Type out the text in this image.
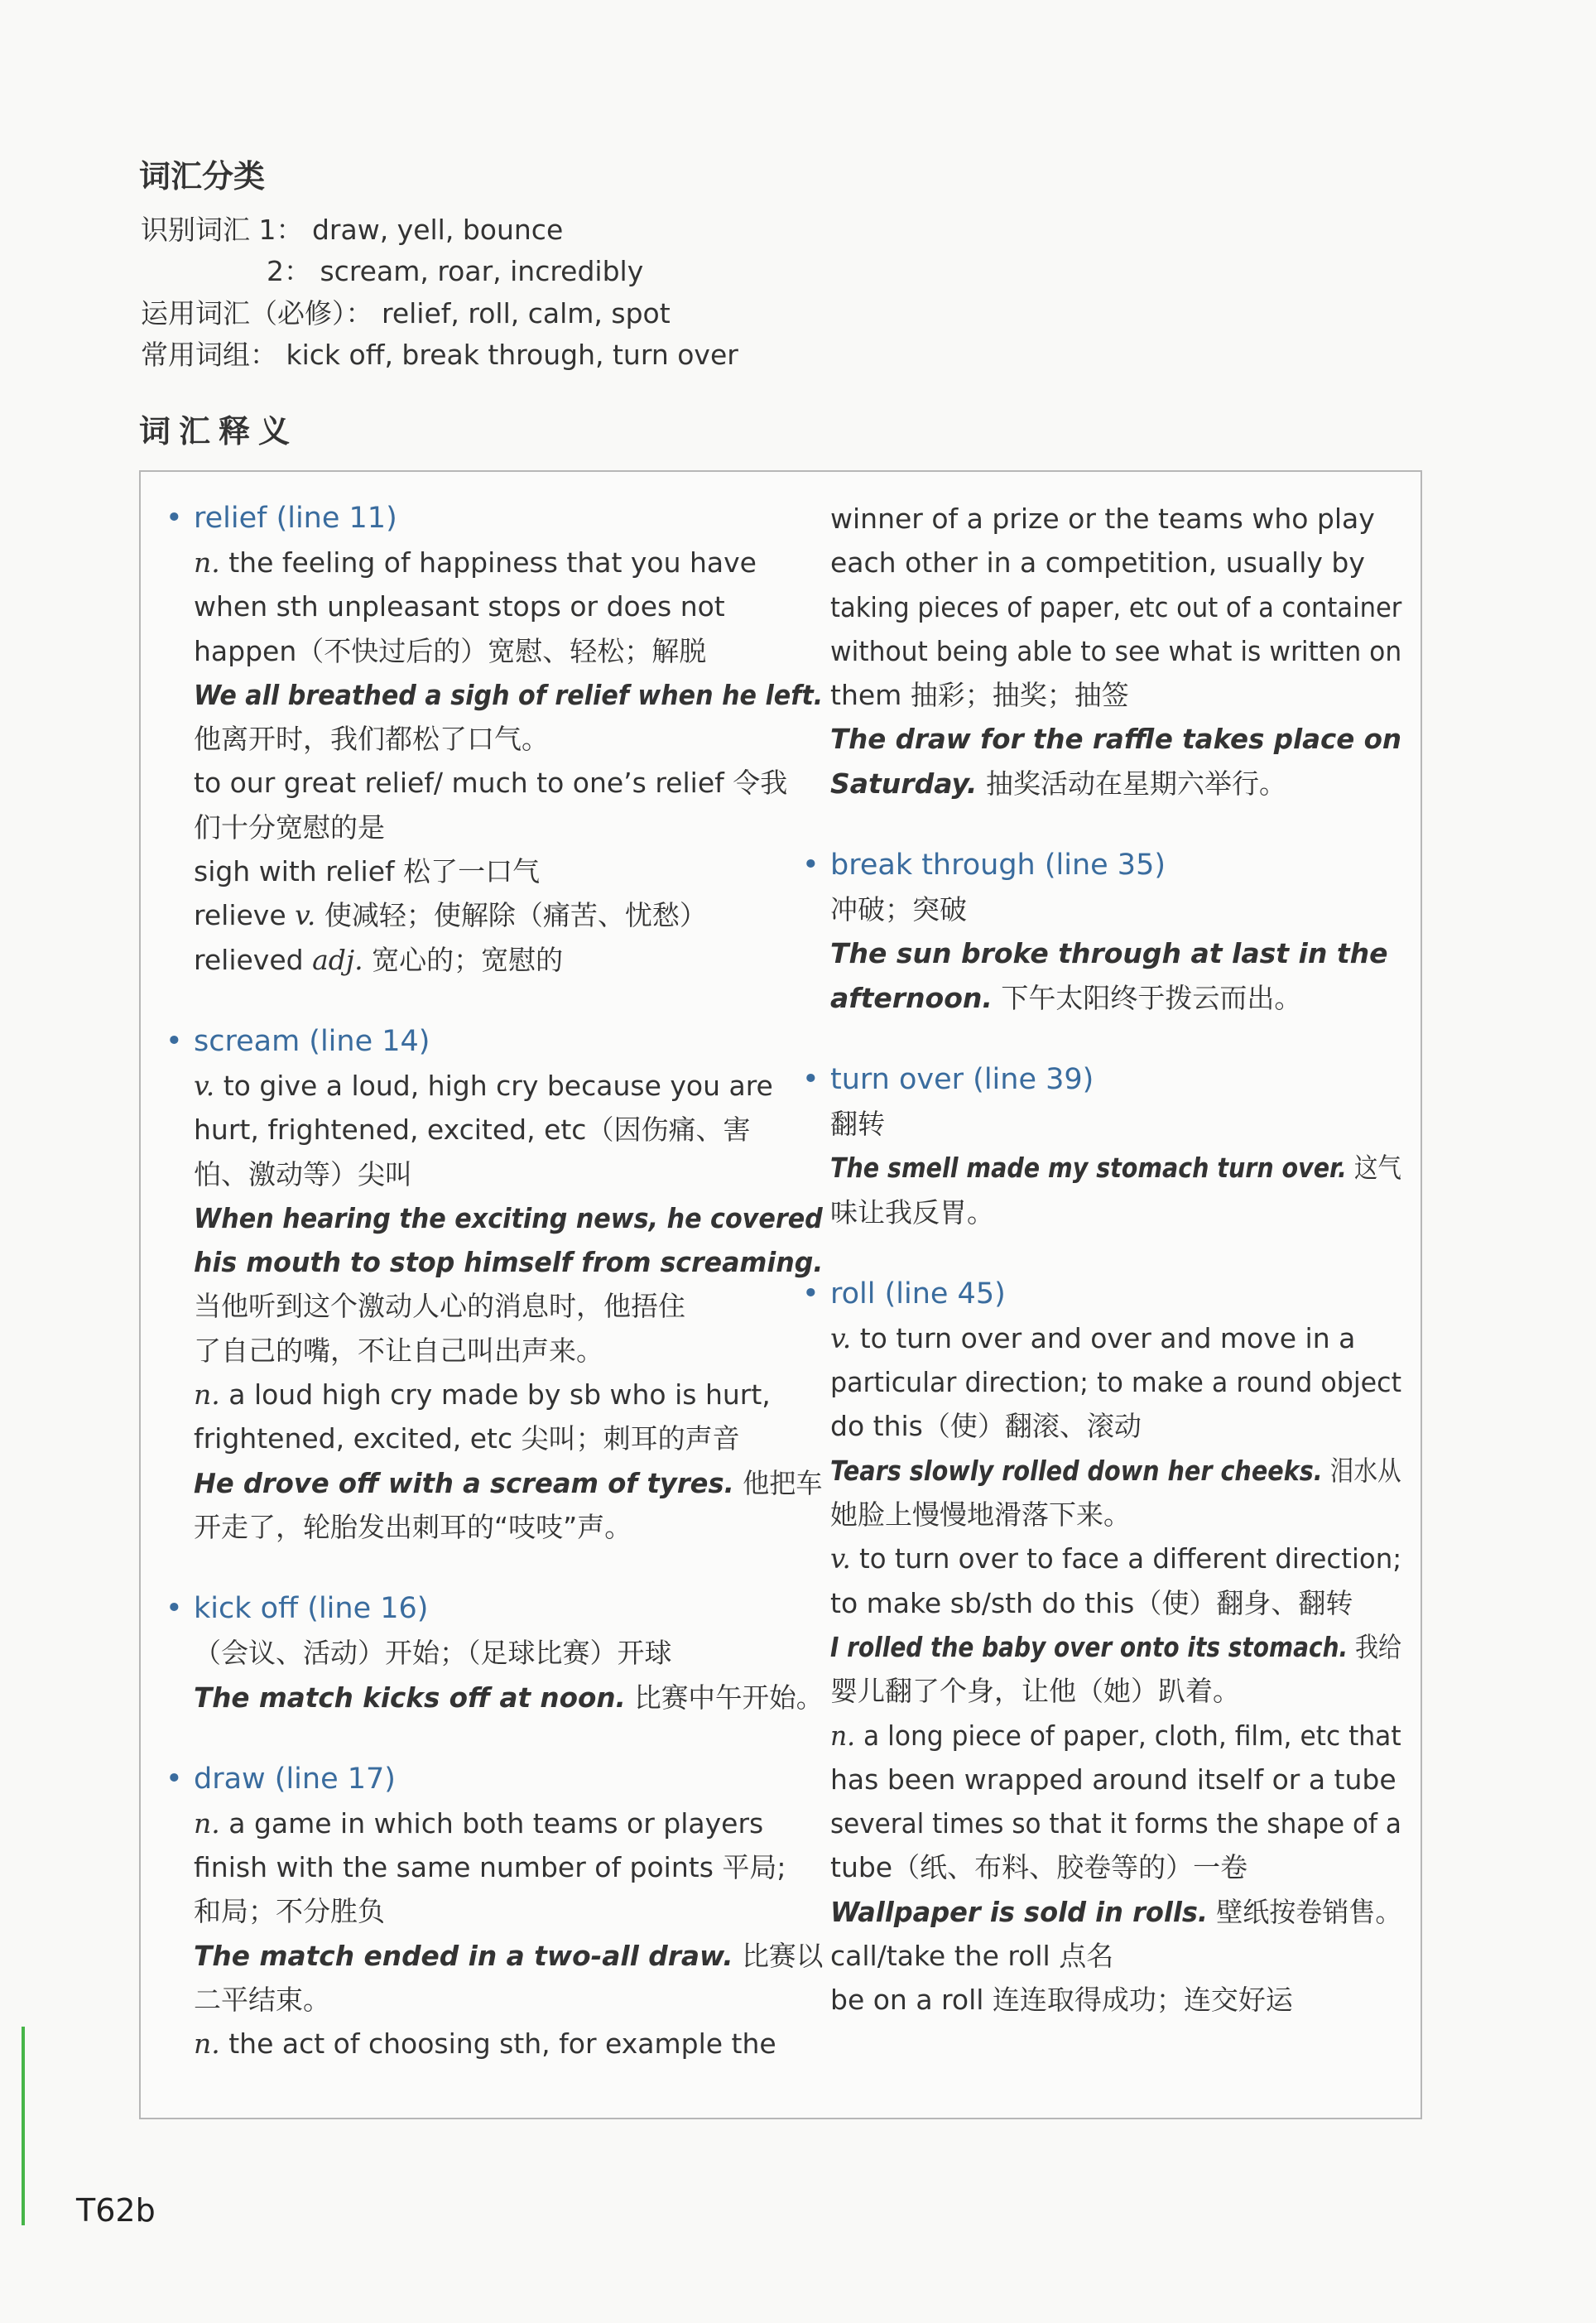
词汇分类
识别词汇 1： draw, yell, bounce
2： scream, roar, incredibly
运用词汇（必修）： relief, roll, calm, spot
常用词组： kick off, break through, turn over
词汇释义
• relief (line 11)
n. the feeling of happiness that you have
when sth unpleasant stops or does not
happen（不快过后的）宽慰、轻松；解脱
We all breathed a sigh of relief when he left.
他离开时，我们都松了口气。
to our great relief/ much to one’s relief 令我
们十分宽慰的是
sigh with relief 松了一口气
relieve v. 使减轻；使解除（痛苦、忧愁）
relieved adj. 宽心的；宽慰的
• scream (line 14)
v. to give a loud, high cry because you are
hurt, frightened, excited, etc（因伤痛、害
怕、激动等）尖叫
When hearing the exciting news, he covered
his mouth to stop himself from screaming.
当他听到这个激动人心的消息时，他捂住
了自己的嘴，不让自己叫出声来。
n. a loud high cry made by sb who is hurt,
frightened, excited, etc 尖叫；刺耳的声音
He drove off with a scream of tyres. 他把车
开走了，轮胎发出刺耳的“吱吱”声。
• kick off (line 16)
（会议、活动）开始；（足球比赛）开球
The match kicks off at noon. 比赛中午开始。
• draw (line 17)
n. a game in which both teams or players
finish with the same number of points 平局;
和局；不分胜负
The match ended in a two-all draw. 比赛以
二平结束。
n. the act of choosing sth, for example the
winner of a prize or the teams who play
each other in a competition, usually by
taking pieces of paper, etc out of a container
without being able to see what is written on
them 抽彩；抽奖；抽签
The draw for the raffle takes place on
Saturday. 抽奖活动在星期六举行。
• break through (line 35)
冲破；突破
The sun broke through at last in the
afternoon. 下午太阳终于拨云而出。
• turn over (line 39)
翻转
The smell made my stomach turn over. 这气
味让我反胃。
• roll (line 45)
v. to turn over and over and move in a
particular direction; to make a round object
do this（使）翻滚、滚动
Tears slowly rolled down her cheeks. 泪水从
她脸上慢慢地滑落下来。
v. to turn over to face a different direction;
to make sb/sth do this（使）翻身、翻转
I rolled the baby over onto its stomach. 我给
婴儿翻了个身，让他（她）趴着。
n. a long piece of paper, cloth, film, etc that
has been wrapped around itself or a tube
several times so that it forms the shape of a
tube（纸、布料、胶卷等的）一卷
Wallpaper is sold in rolls. 壁纸按卷销售。
call/take the roll 点名
be on a roll 连连取得成功；连交好运
T62b
